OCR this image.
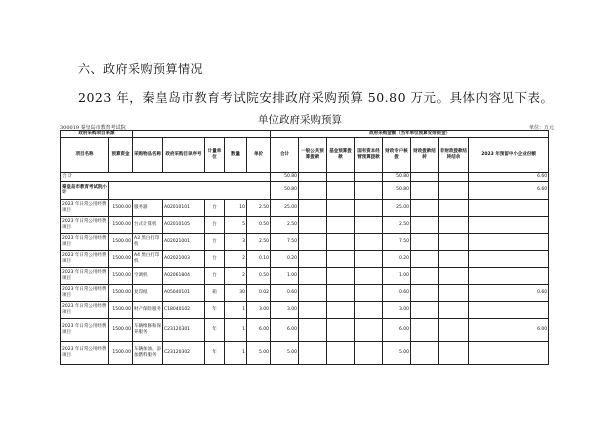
六、政府采购预算情况
2023 年，秦皇岛市教育考试院安排政府采购预算 50.80 万元。具体内容见下表。
单位政府采购预算
300019 秦皇岛市教育考试院	单位：万元
政府采购项目来源							政府采购金额（当年单位预算安排资金）							
项目名称	预算资金	采购物品名称	政府采购目录序号	计量单位	数量	单价	合计	一般公共预算拨款	基金预算拨款	国有资本经营预算拨款	财政专户核拨	财政拨款结转	非财政拨款结转结余	2023 年预留中小企业份额
合 计							50.80				50.80			6.60
秦皇岛市教育考试院小计							50.80				50.80			6.60
2023 年日常公用经费项目	1500.00	服务器	A02010101	台	10	2.50	25.00				25.00			
2023 年日常公用经费项目	1500.00	台式计算机	A02010105	台	5	0.50	2.50				2.50			
2023 年日常公用经费项目	1500.00	A3 黑白打印机	A02021001	台	3	2.50	7.50				7.50			
2023 年日常公用经费项目	1500.00	A4 黑白打印机	A02021003	台	2	0.10	0.20				0.20			
2023 年日常公用经费项目	1500.00	空调机	A02061804	台	2	0.50	1.00				1.00			
2023 年日常公用经费项目	1500.00	复印纸	A05040101	箱	30	0.02	0.60				0.60			0.60
2023 年日常公用经费项目	1500.00	财产保险服务	C18040102	年	1	3.00	3.00				3.00			
2023 年日常公用经费项目	1500.00	车辆维修和保养服务	C23120301	年	1	6.00	6.00				6.00			6.00
2023 年日常公用经费项目	1500.00	车辆加油、添加燃料服务	C23120302	年	1	5.00	5.00				5.00			
